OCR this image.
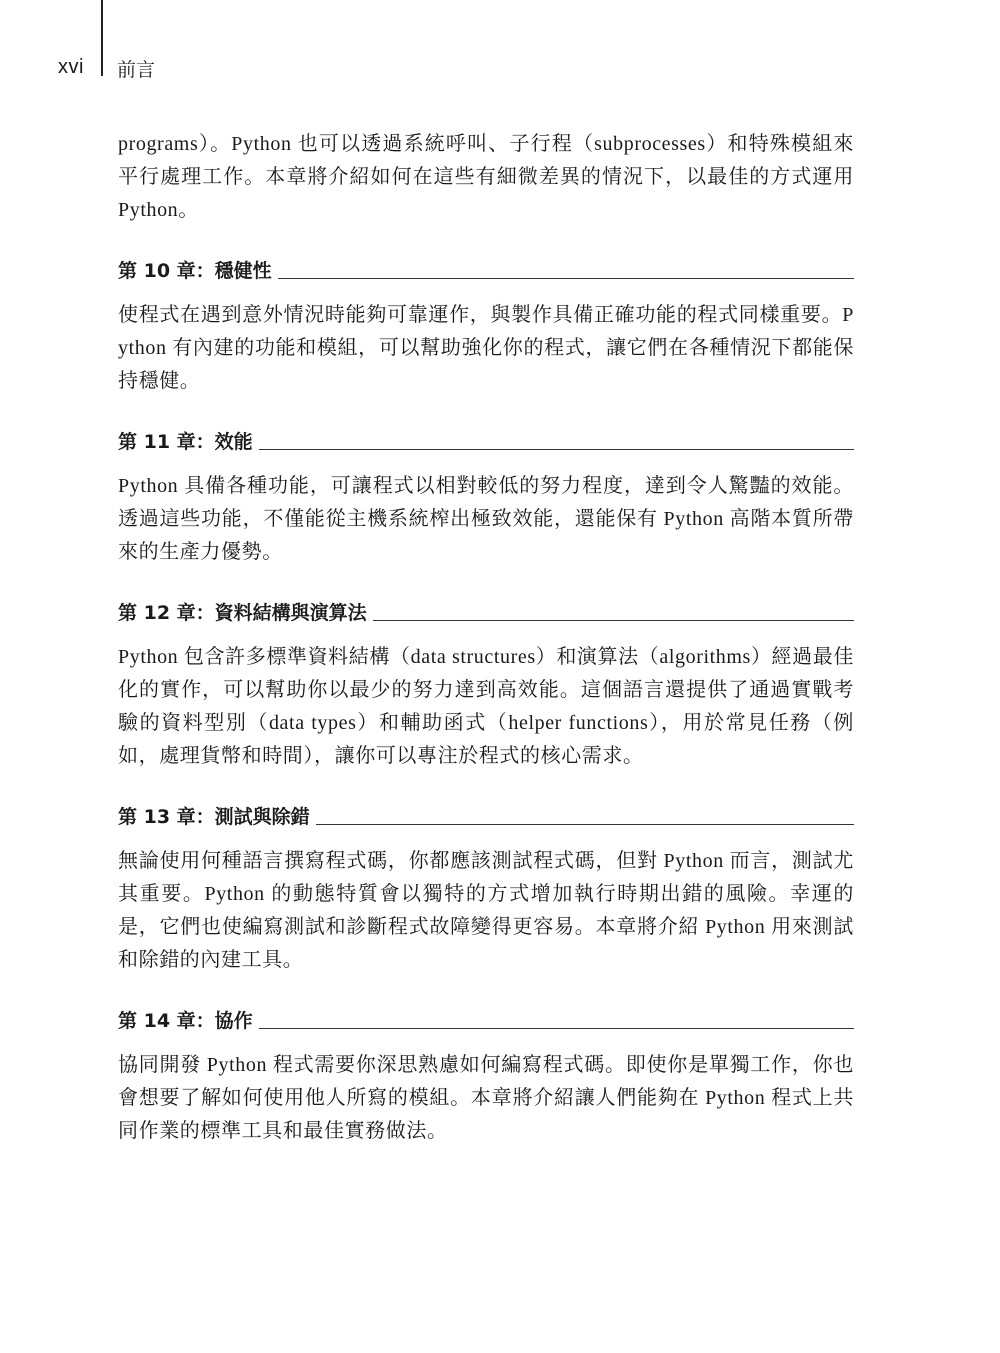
xvi 前言

programs）。Python 也可以透過系統呼叫、子行程（subprocesses）和特殊模組來平行處理工作。本章將介紹如何在這些有細微差異的情況下，以最佳的方式運用 Python。

第 10 章：穩健性

使程式在遇到意外情況時能夠可靠運作，與製作具備正確功能的程式同樣重要。Python 有內建的功能和模組，可以幫助強化你的程式，讓它們在各種情況下都能保持穩健。

第 11 章：效能

Python 具備各種功能，可讓程式以相對較低的努力程度，達到令人驚豔的效能。透過這些功能，不僅能從主機系統榨出極致效能，還能保有 Python 高階本質所帶來的生產力優勢。

第 12 章：資料結構與演算法

Python 包含許多標準資料結構（data structures）和演算法（algorithms）經過最佳化的實作，可以幫助你以最少的努力達到高效能。這個語言還提供了通過實戰考驗的資料型別（data types）和輔助函式（helper functions），用於常見任務（例如，處理貨幣和時間），讓你可以專注於程式的核心需求。

第 13 章：測試與除錯

無論使用何種語言撰寫程式碼，你都應該測試程式碼，但對 Python 而言，測試尤其重要。Python 的動態特質會以獨特的方式增加執行時期出錯的風險。幸運的是，它們也使編寫測試和診斷程式故障變得更容易。本章將介紹 Python 用來測試和除錯的內建工具。

第 14 章：協作

協同開發 Python 程式需要你深思熟慮如何編寫程式碼。即使你是單獨工作，你也會想要了解如何使用他人所寫的模組。本章將介紹讓人們能夠在 Python 程式上共同作業的標準工具和最佳實務做法。
